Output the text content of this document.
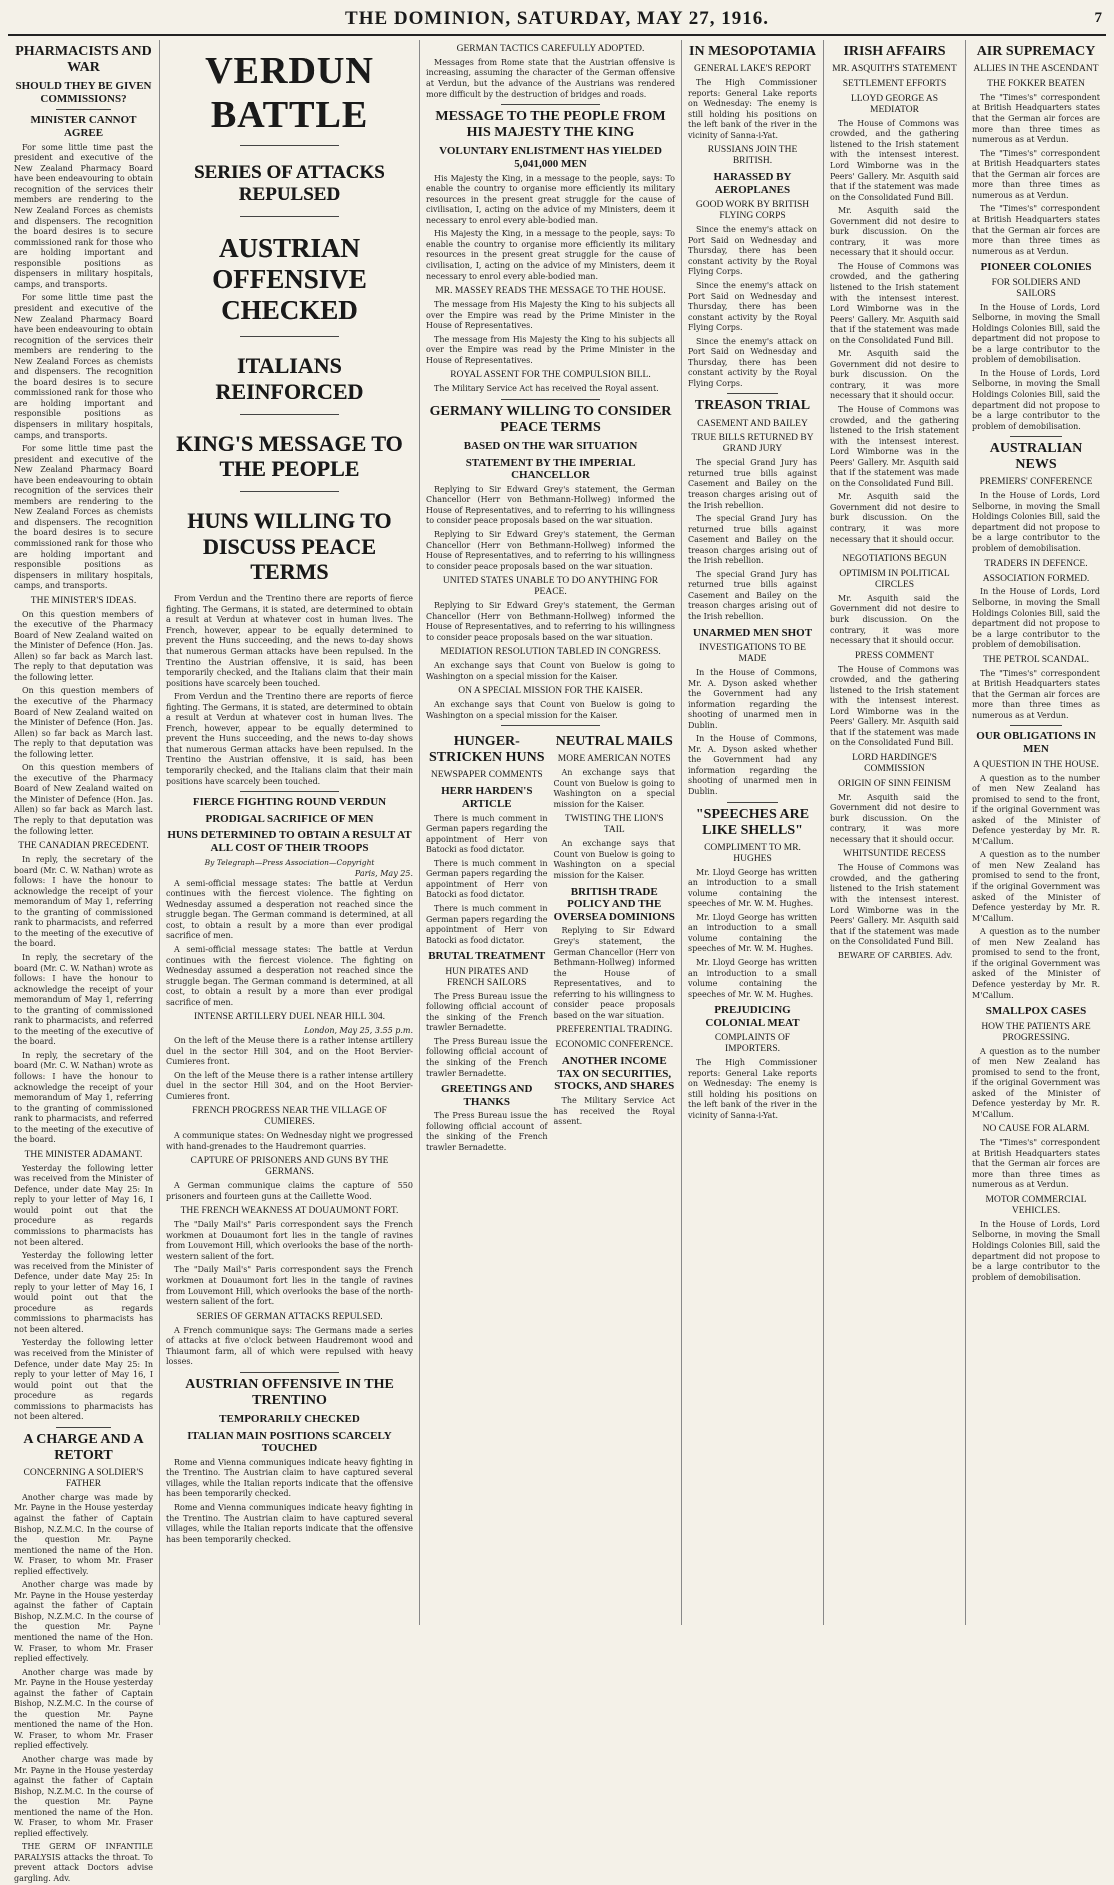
THE DOMINION, SATURDAY, MAY 27, 1916.	7
PHARMACISTS AND WAR
SHOULD THEY BE GIVEN COMMISSIONS?
MINISTER CANNOT AGREE

For some little time past the president and executive of the New Zealand Pharmacy Board have been endeavouring to obtain recognition of the services their members are rendering to the New Zealand Forces as chemists and dispensers. The recognition the board desires is to secure commissioned rank for those who are holding important and responsible positions as dispensers in military hospitals, camps, and transports.

For some little time past the president and executive of the New Zealand Pharmacy Board have been endeavouring to obtain recognition of the services their members are rendering to the New Zealand Forces as chemists and dispensers. The recognition the board desires is to secure commissioned rank for those who are holding important and responsible positions as dispensers in military hospitals, camps, and transports.

For some little time past the president and executive of the New Zealand Pharmacy Board have been endeavouring to obtain recognition of the services their members are rendering to the New Zealand Forces as chemists and dispensers. The recognition the board desires is to secure commissioned rank for those who are holding important and responsible positions as dispensers in military hospitals, camps, and transports.

THE MINISTER'S IDEAS.

On this question members of the executive of the Pharmacy Board of New Zealand waited on the Minister of Defence (Hon. Jas. Allen) so far back as March last. The reply to that deputation was the following letter.

On this question members of the executive of the Pharmacy Board of New Zealand waited on the Minister of Defence (Hon. Jas. Allen) so far back as March last. The reply to that deputation was the following letter.

On this question members of the executive of the Pharmacy Board of New Zealand waited on the Minister of Defence (Hon. Jas. Allen) so far back as March last. The reply to that deputation was the following letter.

THE CANADIAN PRECEDENT.

In reply, the secretary of the board (Mr. C. W. Nathan) wrote as follows: I have the honour to acknowledge the receipt of your memorandum of May 1, referring to the granting of commissioned rank to pharmacists, and referred to the meeting of the executive of the board.

In reply, the secretary of the board (Mr. C. W. Nathan) wrote as follows: I have the honour to acknowledge the receipt of your memorandum of May 1, referring to the granting of commissioned rank to pharmacists, and referred to the meeting of the executive of the board.

In reply, the secretary of the board (Mr. C. W. Nathan) wrote as follows: I have the honour to acknowledge the receipt of your memorandum of May 1, referring to the granting of commissioned rank to pharmacists, and referred to the meeting of the executive of the board.

THE MINISTER ADAMANT.

Yesterday the following letter was received from the Minister of Defence, under date May 25: In reply to your letter of May 16, I would point out that the procedure as regards commissions to pharmacists has not been altered.

Yesterday the following letter was received from the Minister of Defence, under date May 25: In reply to your letter of May 16, I would point out that the procedure as regards commissions to pharmacists has not been altered.

Yesterday the following letter was received from the Minister of Defence, under date May 25: In reply to your letter of May 16, I would point out that the procedure as regards commissions to pharmacists has not been altered.

A CHARGE AND A RETORT
CONCERNING A SOLDIER'S FATHER

Another charge was made by Mr. Payne in the House yesterday against the father of Captain Bishop, N.Z.M.C. In the course of the question Mr. Payne mentioned the name of the Hon. W. Fraser, to whom Mr. Fraser replied effectively.

Another charge was made by Mr. Payne in the House yesterday against the father of Captain Bishop, N.Z.M.C. In the course of the question Mr. Payne mentioned the name of the Hon. W. Fraser, to whom Mr. Fraser replied effectively.

Another charge was made by Mr. Payne in the House yesterday against the father of Captain Bishop, N.Z.M.C. In the course of the question Mr. Payne mentioned the name of the Hon. W. Fraser, to whom Mr. Fraser replied effectively.

Another charge was made by Mr. Payne in the House yesterday against the father of Captain Bishop, N.Z.M.C. In the course of the question Mr. Payne mentioned the name of the Hon. W. Fraser, to whom Mr. Fraser replied effectively.

THE GERM OF INFANTILE PARALYSIS attacks the throat. To prevent attack Doctors advise gargling. Adv.

VERDUN BATTLE
SERIES OF ATTACKS REPULSED
AUSTRIAN OFFENSIVE CHECKED
ITALIANS REINFORCED
KING'S MESSAGE TO THE PEOPLE
HUNS WILLING TO DISCUSS PEACE TERMS

From Verdun and the Trentino there are reports of fierce fighting. The Germans, it is stated, are determined to obtain a result at Verdun at whatever cost in human lives. The French, however, appear to be equally determined to prevent the Huns succeeding, and the news to-day shows that numerous German attacks have been repulsed. In the Trentino the Austrian offensive, it is said, has been temporarily checked, and the Italians claim that their main positions have scarcely been touched.

From Verdun and the Trentino there are reports of fierce fighting. The Germans, it is stated, are determined to obtain a result at Verdun at whatever cost in human lives. The French, however, appear to be equally determined to prevent the Huns succeeding, and the news to-day shows that numerous German attacks have been repulsed. In the Trentino the Austrian offensive, it is said, has been temporarily checked, and the Italians claim that their main positions have scarcely been touched.

FIERCE FIGHTING ROUND VERDUN
PRODIGAL SACRIFICE OF MEN
HUNS DETERMINED TO OBTAIN A RESULT AT ALL COST OF THEIR TROOPS
By Telegraph—Press Association—Copyright
Paris, May 25.

A semi-official message states: The battle at Verdun continues with the fiercest violence. The fighting on Wednesday assumed a desperation not reached since the struggle began. The German command is determined, at all cost, to obtain a result by a more than ever prodigal sacrifice of men.

A semi-official message states: The battle at Verdun continues with the fiercest violence. The fighting on Wednesday assumed a desperation not reached since the struggle began. The German command is determined, at all cost, to obtain a result by a more than ever prodigal sacrifice of men.

INTENSE ARTILLERY DUEL NEAR HILL 304.
London, May 25, 3.55 p.m.

On the left of the Meuse there is a rather intense artillery duel in the sector Hill 304, and on the Hoot Bervier-Cumieres front.

On the left of the Meuse there is a rather intense artillery duel in the sector Hill 304, and on the Hoot Bervier-Cumieres front.

FRENCH PROGRESS NEAR THE VILLAGE OF CUMIERES.

A communique states: On Wednesday night we progressed with hand-grenades to the Haudremont quarries.

CAPTURE OF PRISONERS AND GUNS BY THE GERMANS.

A German communique claims the capture of 550 prisoners and fourteen guns at the Caillette Wood.

THE FRENCH WEAKNESS AT DOUAUMONT FORT.

The "Daily Mail's" Paris correspondent says the French workmen at Douaumont fort lies in the tangle of ravines from Louvemont Hill, which overlooks the base of the north-western salient of the fort.

The "Daily Mail's" Paris correspondent says the French workmen at Douaumont fort lies in the tangle of ravines from Louvemont Hill, which overlooks the base of the north-western salient of the fort.

SERIES OF GERMAN ATTACKS REPULSED.

A French communique says: The Germans made a series of attacks at five o'clock between Haudremont wood and Thiaumont farm, all of which were repulsed with heavy losses.

AUSTRIAN OFFENSIVE IN THE TRENTINO
TEMPORARILY CHECKED
ITALIAN MAIN POSITIONS SCARCELY TOUCHED

Rome and Vienna communiques indicate heavy fighting in the Trentino. The Austrian claim to have captured several villages, while the Italian reports indicate that the offensive has been temporarily checked.

Rome and Vienna communiques indicate heavy fighting in the Trentino. The Austrian claim to have captured several villages, while the Italian reports indicate that the offensive has been temporarily checked.

GERMAN TACTICS CAREFULLY ADOPTED.

Messages from Rome state that the Austrian offensive is increasing, assuming the character of the German offensive at Verdun, but the advance of the Austrians was rendered more difficult by the destruction of bridges and roads.

MESSAGE TO THE PEOPLE FROM HIS MAJESTY THE KING
VOLUNTARY ENLISTMENT HAS YIELDED 5,041,000 MEN

His Majesty the King, in a message to the people, says: To enable the country to organise more efficiently its military resources in the present great struggle for the cause of civilisation, I, acting on the advice of my Ministers, deem it necessary to enrol every able-bodied man.

His Majesty the King, in a message to the people, says: To enable the country to organise more efficiently its military resources in the present great struggle for the cause of civilisation, I, acting on the advice of my Ministers, deem it necessary to enrol every able-bodied man.

MR. MASSEY READS THE MESSAGE TO THE HOUSE.

The message from His Majesty the King to his subjects all over the Empire was read by the Prime Minister in the House of Representatives.

The message from His Majesty the King to his subjects all over the Empire was read by the Prime Minister in the House of Representatives.

ROYAL ASSENT FOR THE COMPULSION BILL.

The Military Service Act has received the Royal assent.

GERMANY WILLING TO CONSIDER PEACE TERMS
BASED ON THE WAR SITUATION
STATEMENT BY THE IMPERIAL CHANCELLOR

Replying to Sir Edward Grey's statement, the German Chancellor (Herr von Bethmann-Hollweg) informed the House of Representatives, and to referring to his willingness to consider peace proposals based on the war situation.

Replying to Sir Edward Grey's statement, the German Chancellor (Herr von Bethmann-Hollweg) informed the House of Representatives, and to referring to his willingness to consider peace proposals based on the war situation.

UNITED STATES UNABLE TO DO ANYTHING FOR PEACE.

Replying to Sir Edward Grey's statement, the German Chancellor (Herr von Bethmann-Hollweg) informed the House of Representatives, and to referring to his willingness to consider peace proposals based on the war situation.

MEDIATION RESOLUTION TABLED IN CONGRESS.

An exchange says that Count von Buelow is going to Washington on a special mission for the Kaiser.

ON A SPECIAL MISSION FOR THE KAISER.

An exchange says that Count von Buelow is going to Washington on a special mission for the Kaiser.

HUNGER-STRICKEN HUNS
NEWSPAPER COMMENTS
HERR HARDEN'S ARTICLE

There is much comment in German papers regarding the appointment of Herr von Batocki as food dictator.

There is much comment in German papers regarding the appointment of Herr von Batocki as food dictator.

There is much comment in German papers regarding the appointment of Herr von Batocki as food dictator.

BRUTAL TREATMENT
HUN PIRATES AND FRENCH SAILORS

The Press Bureau issue the following official account of the sinking of the French trawler Bernadette.

The Press Bureau issue the following official account of the sinking of the French trawler Bernadette.

GREETINGS AND THANKS

The Press Bureau issue the following official account of the sinking of the French trawler Bernadette.

NEUTRAL MAILS
MORE AMERICAN NOTES

An exchange says that Count von Buelow is going to Washington on a special mission for the Kaiser.

TWISTING THE LION'S TAIL

An exchange says that Count von Buelow is going to Washington on a special mission for the Kaiser.

BRITISH TRADE POLICY AND THE OVERSEA DOMINIONS

Replying to Sir Edward Grey's statement, the German Chancellor (Herr von Bethmann-Hollweg) informed the House of Representatives, and to referring to his willingness to consider peace proposals based on the war situation.

PREFERENTIAL TRADING.
ECONOMIC CONFERENCE.
ANOTHER INCOME TAX ON SECURITIES, STOCKS, AND SHARES

The Military Service Act has received the Royal assent.

IN MESOPOTAMIA
GENERAL LAKE'S REPORT

The High Commissioner reports: General Lake reports on Wednesday: The enemy is still holding his positions on the left bank of the river in the vicinity of Sanna-i-Yat.

RUSSIANS JOIN THE BRITISH.
HARASSED BY AEROPLANES
GOOD WORK BY BRITISH FLYING CORPS

Since the enemy's attack on Port Said on Wednesday and Thursday, there has been constant activity by the Royal Flying Corps.

Since the enemy's attack on Port Said on Wednesday and Thursday, there has been constant activity by the Royal Flying Corps.

Since the enemy's attack on Port Said on Wednesday and Thursday, there has been constant activity by the Royal Flying Corps.

TREASON TRIAL
CASEMENT AND BAILEY
TRUE BILLS RETURNED BY GRAND JURY

The special Grand Jury has returned true bills against Casement and Bailey on the treason charges arising out of the Irish rebellion.

The special Grand Jury has returned true bills against Casement and Bailey on the treason charges arising out of the Irish rebellion.

The special Grand Jury has returned true bills against Casement and Bailey on the treason charges arising out of the Irish rebellion.

UNARMED MEN SHOT
INVESTIGATIONS TO BE MADE

In the House of Commons, Mr. A. Dyson asked whether the Government had any information regarding the shooting of unarmed men in Dublin.

In the House of Commons, Mr. A. Dyson asked whether the Government had any information regarding the shooting of unarmed men in Dublin.

"SPEECHES ARE LIKE SHELLS"
COMPLIMENT TO MR. HUGHES

Mr. Lloyd George has written an introduction to a small volume containing the speeches of Mr. W. M. Hughes.

Mr. Lloyd George has written an introduction to a small volume containing the speeches of Mr. W. M. Hughes.

Mr. Lloyd George has written an introduction to a small volume containing the speeches of Mr. W. M. Hughes.

PREJUDICING COLONIAL MEAT
COMPLAINTS OF IMPORTERS.

The High Commissioner reports: General Lake reports on Wednesday: The enemy is still holding his positions on the left bank of the river in the vicinity of Sanna-i-Yat.

IRISH AFFAIRS
MR. ASQUITH'S STATEMENT
SETTLEMENT EFFORTS
LLOYD GEORGE AS MEDIATOR

The House of Commons was crowded, and the gathering listened to the Irish statement with the intensest interest. Lord Wimborne was in the Peers' Gallery. Mr. Asquith said that if the statement was made on the Consolidated Fund Bill.

Mr. Asquith said the Government did not desire to burk discussion. On the contrary, it was more necessary that it should occur.

The House of Commons was crowded, and the gathering listened to the Irish statement with the intensest interest. Lord Wimborne was in the Peers' Gallery. Mr. Asquith said that if the statement was made on the Consolidated Fund Bill.

Mr. Asquith said the Government did not desire to burk discussion. On the contrary, it was more necessary that it should occur.

The House of Commons was crowded, and the gathering listened to the Irish statement with the intensest interest. Lord Wimborne was in the Peers' Gallery. Mr. Asquith said that if the statement was made on the Consolidated Fund Bill.

Mr. Asquith said the Government did not desire to burk discussion. On the contrary, it was more necessary that it should occur.

NEGOTIATIONS BEGUN
OPTIMISM IN POLITICAL CIRCLES

Mr. Asquith said the Government did not desire to burk discussion. On the contrary, it was more necessary that it should occur.

PRESS COMMENT

The House of Commons was crowded, and the gathering listened to the Irish statement with the intensest interest. Lord Wimborne was in the Peers' Gallery. Mr. Asquith said that if the statement was made on the Consolidated Fund Bill.

LORD HARDINGE'S COMMISSION
ORIGIN OF SINN FEINISM

Mr. Asquith said the Government did not desire to burk discussion. On the contrary, it was more necessary that it should occur.

WHITSUNTIDE RECESS

The House of Commons was crowded, and the gathering listened to the Irish statement with the intensest interest. Lord Wimborne was in the Peers' Gallery. Mr. Asquith said that if the statement was made on the Consolidated Fund Bill.

BEWARE OF CARBIES. Adv.

AIR SUPREMACY
ALLIES IN THE ASCENDANT
THE FOKKER BEATEN

The "Times's" correspondent at British Headquarters states that the German air forces are more than three times as numerous as at Verdun.

The "Times's" correspondent at British Headquarters states that the German air forces are more than three times as numerous as at Verdun.

The "Times's" correspondent at British Headquarters states that the German air forces are more than three times as numerous as at Verdun.

PIONEER COLONIES
FOR SOLDIERS AND SAILORS

In the House of Lords, Lord Selborne, in moving the Small Holdings Colonies Bill, said the department did not propose to be a large contributor to the problem of demobilisation.

In the House of Lords, Lord Selborne, in moving the Small Holdings Colonies Bill, said the department did not propose to be a large contributor to the problem of demobilisation.

AUSTRALIAN NEWS
PREMIERS' CONFERENCE

In the House of Lords, Lord Selborne, in moving the Small Holdings Colonies Bill, said the department did not propose to be a large contributor to the problem of demobilisation.

TRADERS IN DEFENCE.
ASSOCIATION FORMED.

In the House of Lords, Lord Selborne, in moving the Small Holdings Colonies Bill, said the department did not propose to be a large contributor to the problem of demobilisation.

THE PETROL SCANDAL.

The "Times's" correspondent at British Headquarters states that the German air forces are more than three times as numerous as at Verdun.

OUR OBLIGATIONS IN MEN
A QUESTION IN THE HOUSE.

A question as to the number of men New Zealand has promised to send to the front, if the original Government was asked of the Minister of Defence yesterday by Mr. R. M'Callum.

A question as to the number of men New Zealand has promised to send to the front, if the original Government was asked of the Minister of Defence yesterday by Mr. R. M'Callum.

A question as to the number of men New Zealand has promised to send to the front, if the original Government was asked of the Minister of Defence yesterday by Mr. R. M'Callum.

SMALLPOX CASES
HOW THE PATIENTS ARE PROGRESSING.

A question as to the number of men New Zealand has promised to send to the front, if the original Government was asked of the Minister of Defence yesterday by Mr. R. M'Callum.

NO CAUSE FOR ALARM.

The "Times's" correspondent at British Headquarters states that the German air forces are more than three times as numerous as at Verdun.

MOTOR COMMERCIAL VEHICLES.

In the House of Lords, Lord Selborne, in moving the Small Holdings Colonies Bill, said the department did not propose to be a large contributor to the problem of demobilisation.
